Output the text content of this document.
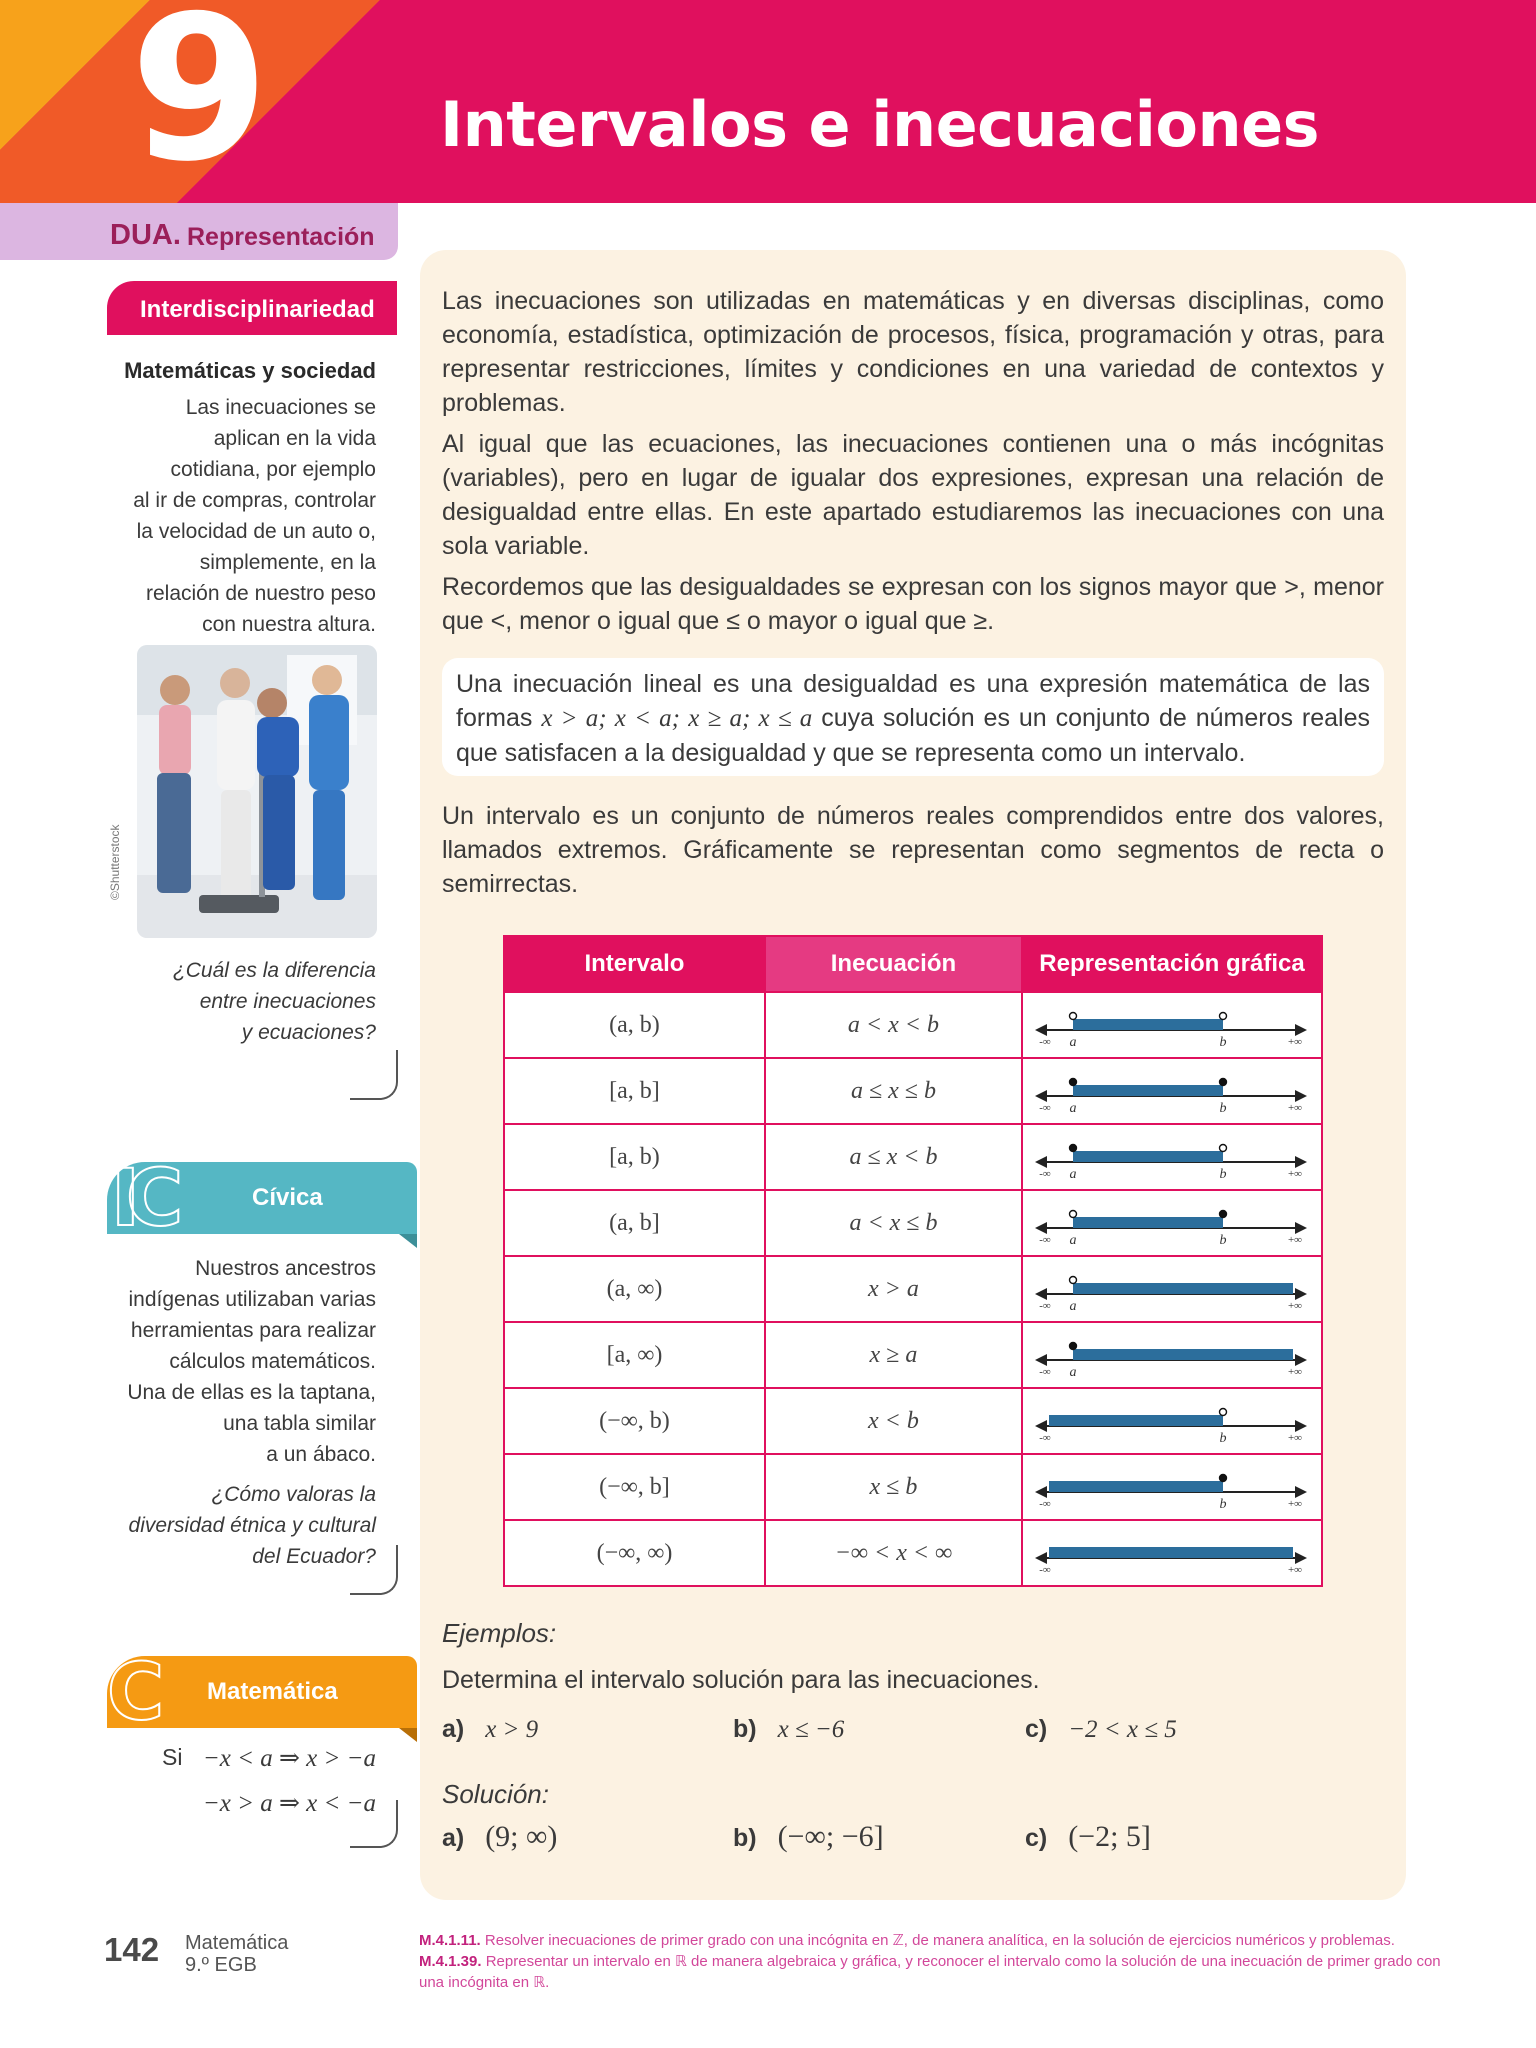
9	Intervalos e inecuaciones
DUA. Representación
Interdisciplinariedad
Matemáticas y sociedad
Las inecuaciones se
aplican en la vida
cotidiana, por ejemplo
al ir de compras, controlar
la velocidad de un auto o,
simplemente, en la
relación de nuestro peso
con nuestra altura.
©Shutterstock
¿Cuál es la diferencia
entre inecuaciones
y ecuaciones?
IC	Cívica
Nuestros ancestros
indígenas utilizaban varias
herramientas para realizar
cálculos matemáticos.
Una de ellas es la taptana,
una tabla similar
a un ábaco.
¿Cómo valoras la
diversidad étnica y cultural
del Ecuador?
C Matemática
Si −x < a ⇒ x > −a
−x > a ⇒ x < −a

Las inecuaciones son utilizadas en matemáticas y en diversas disciplinas, como economía, estadística, optimización de procesos, física, programación y otras, para representar restricciones, límites y condiciones en una variedad de contextos y problemas.

Al igual que las ecuaciones, las inecuaciones contienen una o más incógnitas (variables), pero en lugar de igualar dos expresiones, expresan una relación de desigualdad entre ellas. En este apartado estudiaremos las inecuaciones con una sola variable.

Recordemos que las desigualdades se expresan con los signos mayor que >, menor que <, menor o igual que ≤ o mayor o igual que ≥.

Una inecuación lineal es una desigualdad es una expresión matemática de las formas x > a; x < a; x ≥ a; x ≤ a cuya solución es un conjunto de números reales que satisfacen a la desigualdad y que se representa como un intervalo.

Un intervalo es un conjunto de números reales comprendidos entre dos valores, llamados extremos. Gráficamente se representan como segmentos de recta o semirrectas.

Intervalo	Inecuación	Representación gráfica
(a, b)	a < x < b	-∞ +∞
a b

[a, b]	a ≤ x ≤ b	-∞ +∞
a b

[a, b)	a ≤ x < b	-∞ +∞
a b

(a, b]	a < x ≤ b	-∞ +∞
a b

(a, ∞)	x > a	-∞ +∞
a

[a, ∞)	x ≥ a	-∞ +∞
a

(−∞, b)	x < b	-∞ +∞
b

(−∞, b]	x ≤ b	-∞ +∞
b

(−∞, ∞)	−∞ < x < ∞	-∞ +∞
Ejemplos:
Determina el intervalo solución para las inecuaciones.
a) x > 9	b) x ≤ −6	c) −2 < x ≤ 5
Solución:
a) (9; ∞)	b) (−∞; −6]	c) (−2; 5]
142 Matemática
9.º EGB
M.4.1.11. Resolver inecuaciones de primer grado con una incógnita en ℤ, de manera analítica, en la solución de ejercicios numéricos y problemas.
M.4.1.39. Representar un intervalo en ℝ de manera algebraica y gráfica, y reconocer el intervalo como la solución de una inecuación de primer grado con una incógnita en ℝ.
